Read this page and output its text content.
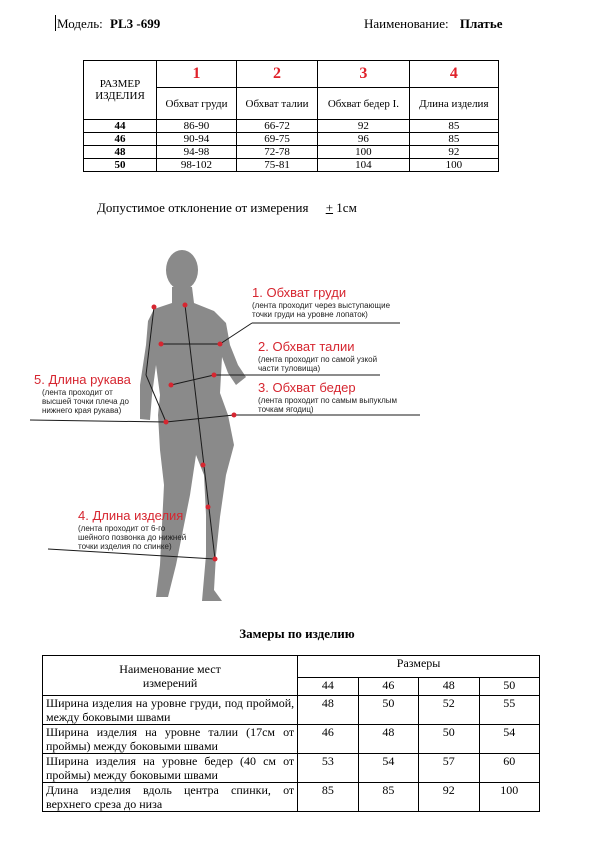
Модель: PL3 -699	Наименование: Платье
РАЗМЕР ИЗДЕЛИЯ	1	2	3	4
	Обхват груди	Обхват талии	Обхват бедер I.	Длина изделия
44	86-90	66-72	92	85
46	90-94	69-75	96	85
48	94-98	72-78	100	92
50	98-102	75-81	104	100
Допустимое отклонение от измерения + 1см
1. Обхват груди
(лента проходит через выступающие
точки груди на уровне лопаток)
2. Обхват талии
(лента проходит по самой узкой
части туловища)
3. Обхват бедер
(лента проходит по самым выпуклым
точкам ягодиц)
4. Длина изделия
(лента проходит от 6-го
шейного позвонка до нижней
точки изделия по спинке)
5. Длина рукава
(лента проходит от
высшей точки плеча до
нижнего края рукава)
Замеры по изделию
Наименование мест измерений	Размеры			
	44	46	48	50
Ширина изделия на уровне груди, под проймой, между боковыми швами	48	50	52	55
Ширина изделия на уровне талии (17см от проймы) между боковыми швами	46	48	50	54
Ширина изделия на уровне бедер (40 см от проймы) между боковыми швами	53	54	57	60
Длина изделия вдоль центра спинки, от верхнего среза до низа	85	85	92	100
